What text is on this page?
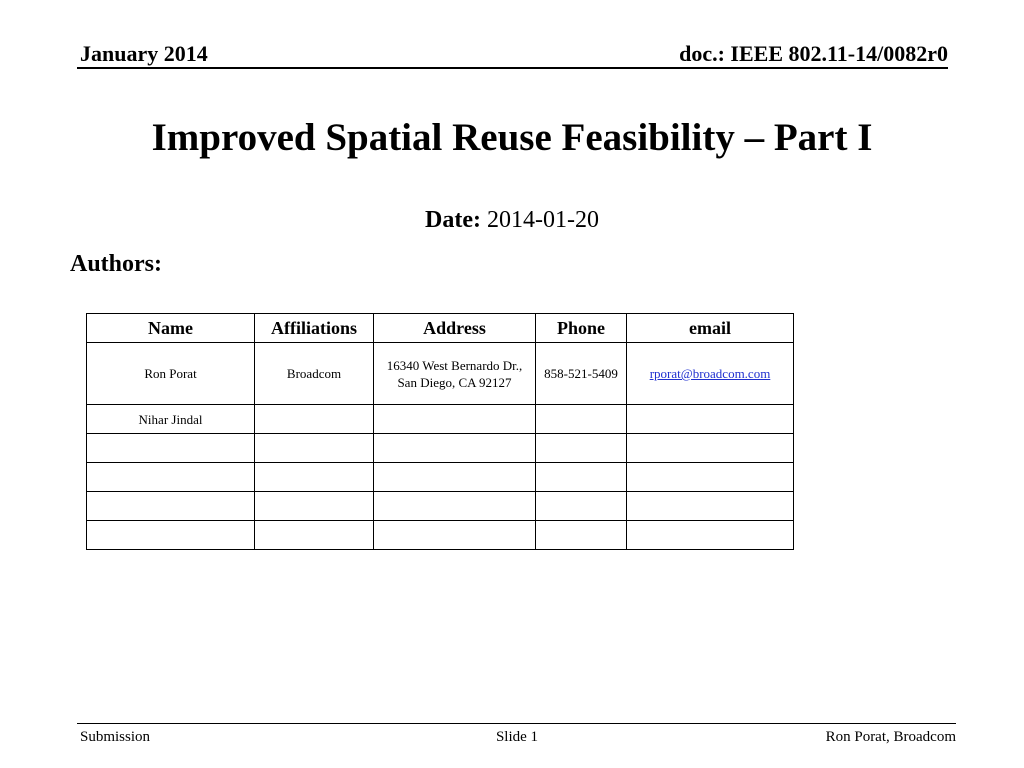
January 2014	doc.: IEEE 802.11-14/0082r0
Improved Spatial Reuse Feasibility – Part I
Date: 2014-01-20
Authors:
Name	Affiliations	Address	Phone	email
Ron Porat	Broadcom	16340 West Bernardo Dr., San Diego, CA 92127	858-521-5409	rporat@broadcom.com
Nihar Jindal				

Submission	Slide 1	Ron Porat, Broadcom
